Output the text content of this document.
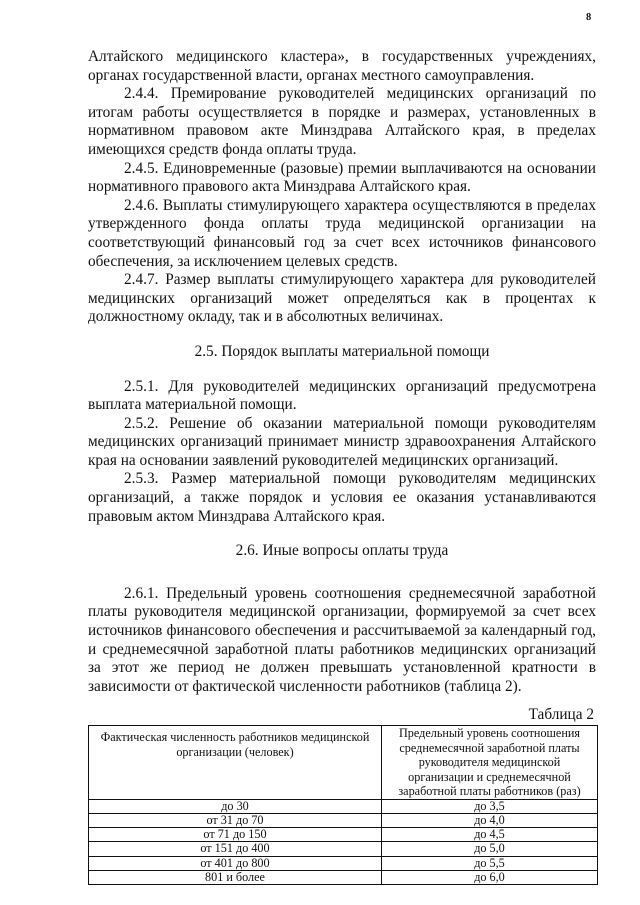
8

Алтайского медицинского кластера», в государственных учреждениях, органах государственной власти, органах местного самоуправления.

2.4.4. Премирование руководителей медицинских организаций по итогам работы осуществляется в порядке и размерах, установленных в нормативном правовом акте Минздрава Алтайского края, в пределах имеющихся средств фонда оплаты труда.

2.4.5. Единовременные (разовые) премии выплачиваются на основании нормативного правового акта Минздрава Алтайского края.

2.4.6. Выплаты стимулирующего характера осуществляются в пределах утвержденного фонда оплаты труда медицинской организации на соответствующий финансовый год за счет всех источников финансового обеспечения, за исключением целевых средств.

2.4.7. Размер выплаты стимулирующего характера для руководителей медицинских организаций может определяться как в процентах к должностному окладу, так и в абсолютных величинах.

2.5. Порядок выплаты материальной помощи

2.5.1. Для руководителей медицинских организаций предусмотрена выплата материальной помощи.

2.5.2. Решение об оказании материальной помощи руководителям медицинских организаций принимает министр здравоохранения Алтайского края на основании заявлений руководителей медицинских организаций.

2.5.3. Размер материальной помощи руководителям медицинских организаций, а также порядок и условия ее оказания устанавливаются правовым актом Минздрава Алтайского края.

2.6. Иные вопросы оплаты труда

2.6.1. Предельный уровень соотношения среднемесячной заработной платы руководителя медицинской организации, формируемой за счет всех источников финансового обеспечения и рассчитываемой за календарный год, и среднемесячной заработной платы работников медицинских организаций за этот же период не должен превышать установленной кратности в зависимости от фактической численности работников (таблица 2).

Таблица 2
Фактическая численность работников медицинской организации (человек)	Предельный уровень соотношения среднемесячной заработной платы руководителя медицинской организации и среднемесячной заработной платы работников (раз)
до 30	до 3,5
от 31 до 70	до 4,0
от 71 до 150	до 4,5
от 151 до 400	до 5,0
от 401 до 800	до 5,5
801 и более	до 6,0
